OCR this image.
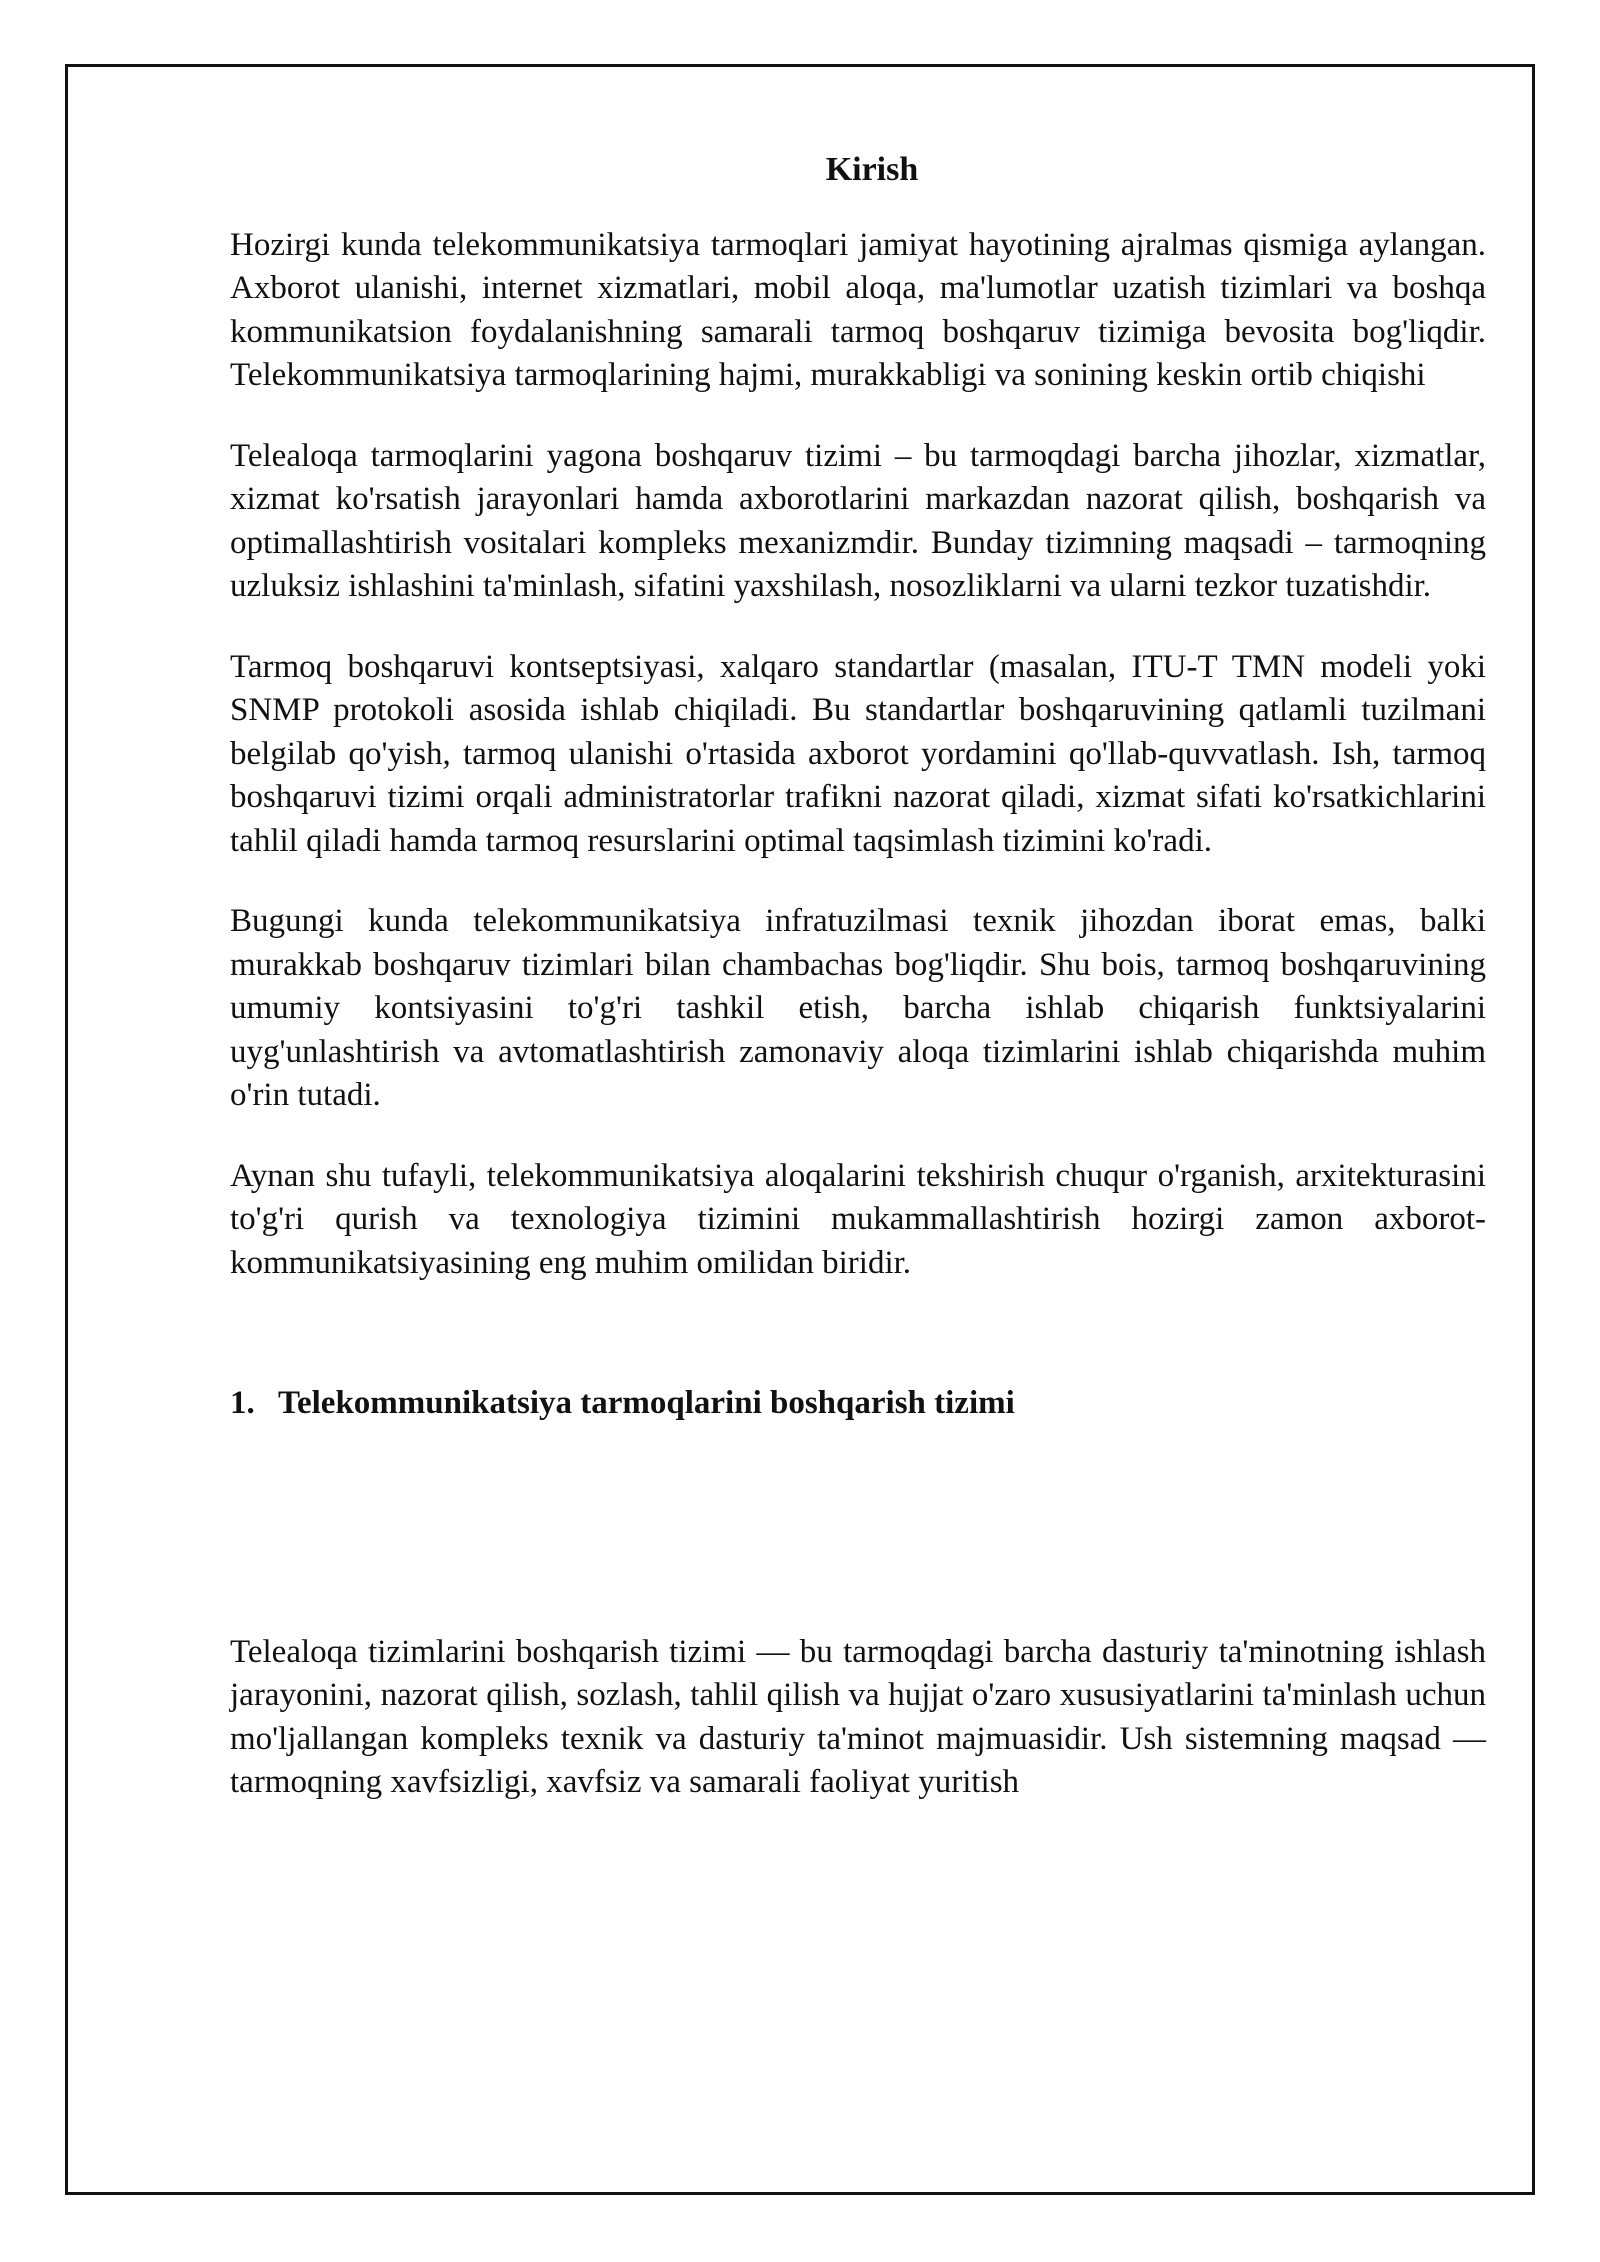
Kirish

Hozirgi kunda telekommunikatsiya tarmoqlari jamiyat hayotining ajralmas qismiga aylangan. Axborot ulanishi, internet xizmatlari, mobil aloqa, ma'lumotlar uzatish tizimlari va boshqa kommunikatsion foydalanishning samarali tarmoq boshqaruv tizimiga bevosita bog'liqdir. Telekommunikatsiya tarmoqlarining hajmi, murakkabligi va sonining keskin ortib chiqishi

Telealoqa tarmoqlarini yagona boshqaruv tizimi – bu tarmoqdagi barcha jihozlar, xizmatlar, xizmat ko'rsatish jarayonlari hamda axborotlarini markazdan nazorat qilish, boshqarish va optimallashtirish vositalari kompleks mexanizmdir. Bunday tizimning maqsadi – tarmoqning uzluksiz ishlashini ta'minlash, sifatini yaxshilash, nosozliklarni va ularni tezkor tuzatishdir.

Tarmoq boshqaruvi kontseptsiyasi, xalqaro standartlar (masalan, ITU-T TMN modeli yoki SNMP protokoli asosida ishlab chiqiladi. Bu standartlar boshqaruvining qatlamli tuzilmani belgilab qo'yish, tarmoq ulanishi o'rtasida axborot yordamini qo'llab-quvvatlash. Ish, tarmoq boshqaruvi tizimi orqali administratorlar trafikni nazorat qiladi, xizmat sifati ko'rsatkichlarini tahlil qiladi hamda tarmoq resurslarini optimal taqsimlash tizimini ko'radi.

Bugungi kunda telekommunikatsiya infratuzilmasi texnik jihozdan iborat emas, balki murakkab boshqaruv tizimlari bilan chambachas bog'liqdir. Shu bois, tarmoq boshqaruvining umumiy kontsiyasini to'g'ri tashkil etish, barcha ishlab chiqarish funktsiyalarini uyg'unlashtirish va avtomatlashtirish zamonaviy aloqa tizimlarini ishlab chiqarishda muhim o'rin tutadi.

Aynan shu tufayli, telekommunikatsiya aloqalarini tekshirish chuqur o'rganish, arxitekturasini to'g'ri qurish va texnologiya tizimini mukammallashtirish hozirgi zamon axborot-kommunikatsiyasining eng muhim omilidan biridir.

1. Telekommunikatsiya tarmoqlarini boshqarish tizimi

Telealoqa tizimlarini boshqarish tizimi — bu tarmoqdagi barcha dasturiy ta'minotning ishlash jarayonini, nazorat qilish, sozlash, tahlil qilish va hujjat o'zaro xususiyatlarini ta'minlash uchun mo'ljallangan kompleks texnik va dasturiy ta'minot majmuasidir. Ush sistemning maqsad — tarmoqning xavfsizligi, xavfsiz va samarali faoliyat yuritish
